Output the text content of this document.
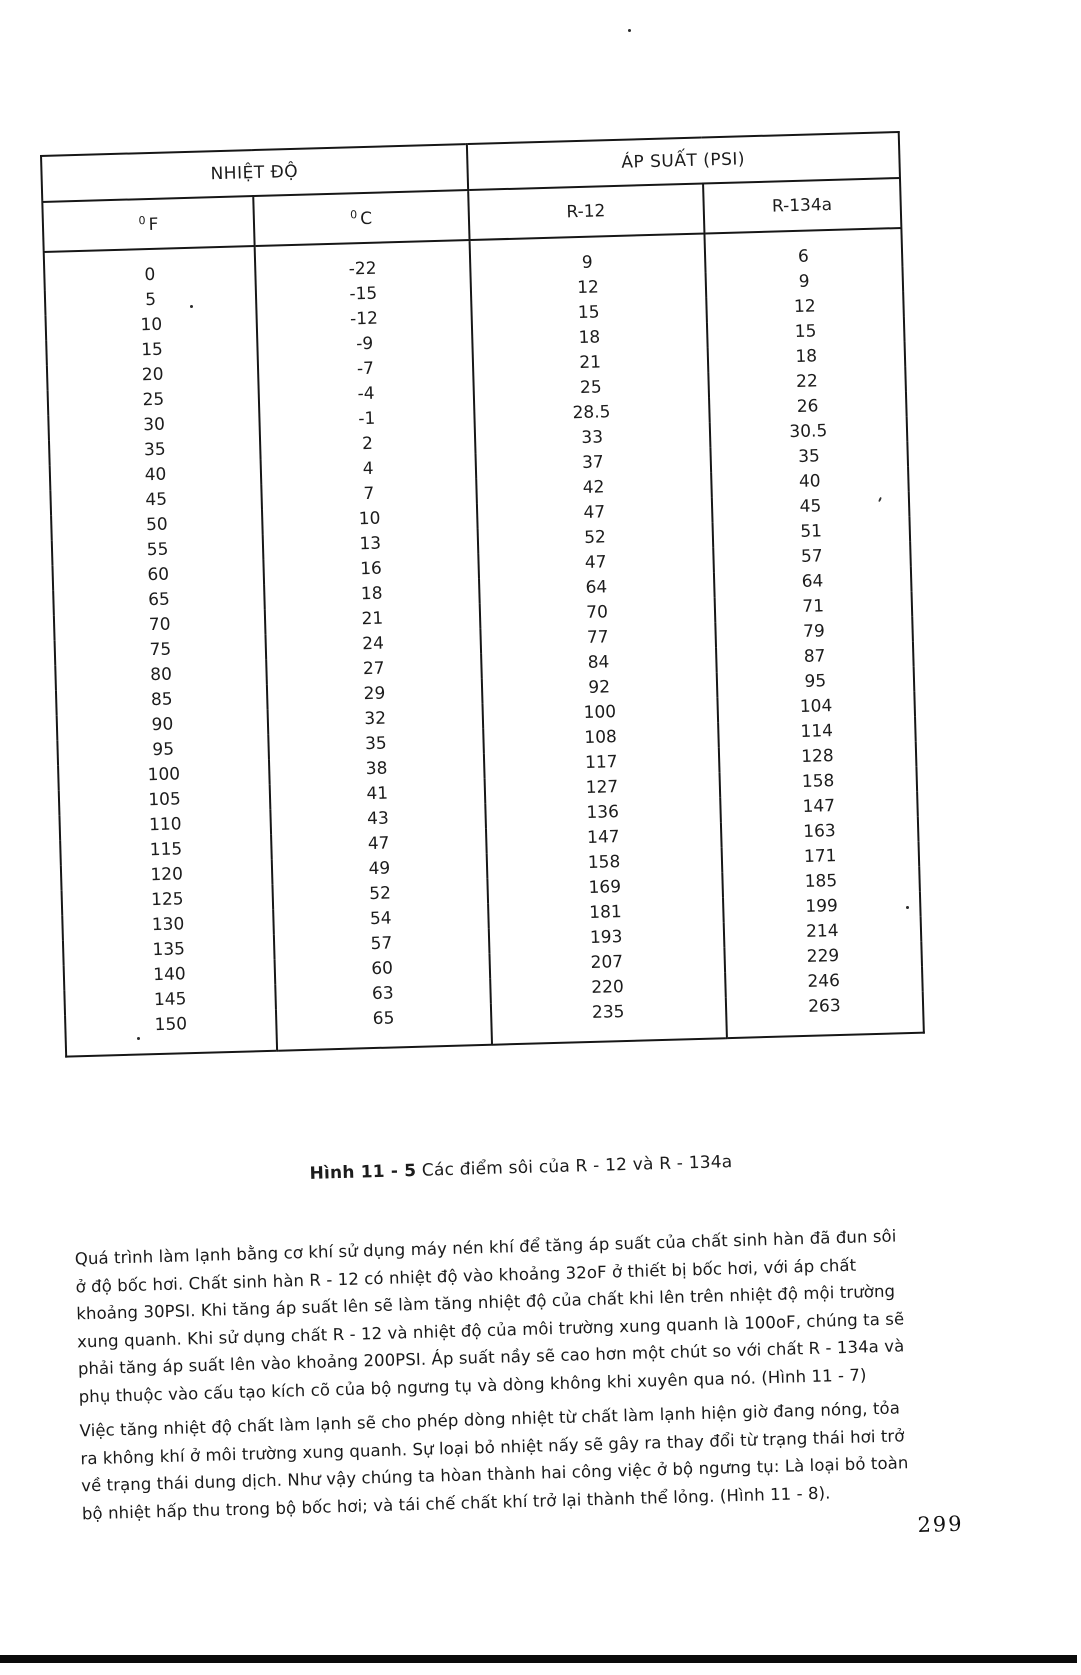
NHIỆT ĐỘ		ÁP SUẤT (PSI)	
$^0$ F	$^0$ C	R-12	R-134a
0	-22	9	6
5	-15	12	9
10	-12	15	12
15	-9	18	15
20	-7	21	18
25	-4	25	22
30	-1	28.5	26
35	2	33	30.5
40	4	37	35
45	7	42	40
50	10	47	45
55	13	52	51
60	16	47	57
65	18	64	64
70	21	70	71
75	24	77	79
80	27	84	87
85	29	92	95
90	32	100	104
95	35	108	114
100	38	117	128
105	41	127	158
110	43	136	147
115	47	147	163
120	49	158	171
125	52	169	185
130	54	181	199
135	57	193	214
140	60	207	229
145	63	220	246
150	65	235	263
Hình 11 - 5 Các điểm sôi của R - 12 và R - 134a

Quá trình làm lạnh bằng cơ khí sử dụng máy nén khí để tăng áp suất của chất sinh hàn đã đun sôi
ở độ bốc hơi. Chất sinh hàn R - 12 có nhiệt độ vào khoảng 32oF ở thiết bị bốc hơi, với áp chất
khoảng 30PSI. Khi tăng áp suất lên sẽ làm tăng nhiệt độ của chất khi lên trên nhiệt độ mội trường
xung quanh. Khi sử dụng chất R - 12 và nhiệt độ của môi trường xung quanh là 100oF, chúng ta sẽ
phải tăng áp suất lên vào khoảng 200PSI. Áp suất nầy sẽ cao hơn một chút so với chất R - 134a và
phụ thuộc vào cấu tạo kích cõ của bộ ngưng tụ và dòng không khi xuyên qua nó. (Hình 11 - 7)

Việc tăng nhiệt độ chất làm lạnh sẽ cho phép dòng nhiệt từ chất làm lạnh hiện giờ đang nóng, tỏa
ra không khí ở môi trường xung quanh. Sự loại bỏ nhiệt nấy sẽ gây ra thay đổi từ trạng thái hơi trở
về trạng thái dung dịch. Như vậy chúng ta hòan thành hai công việc ở bộ ngưng tụ: Là loại bỏ toàn
bộ nhiệt hấp thu trong bộ bốc hơi; và tái chế chất khí trở lại thành thể lỏng. (Hình 11 - 8).

299
